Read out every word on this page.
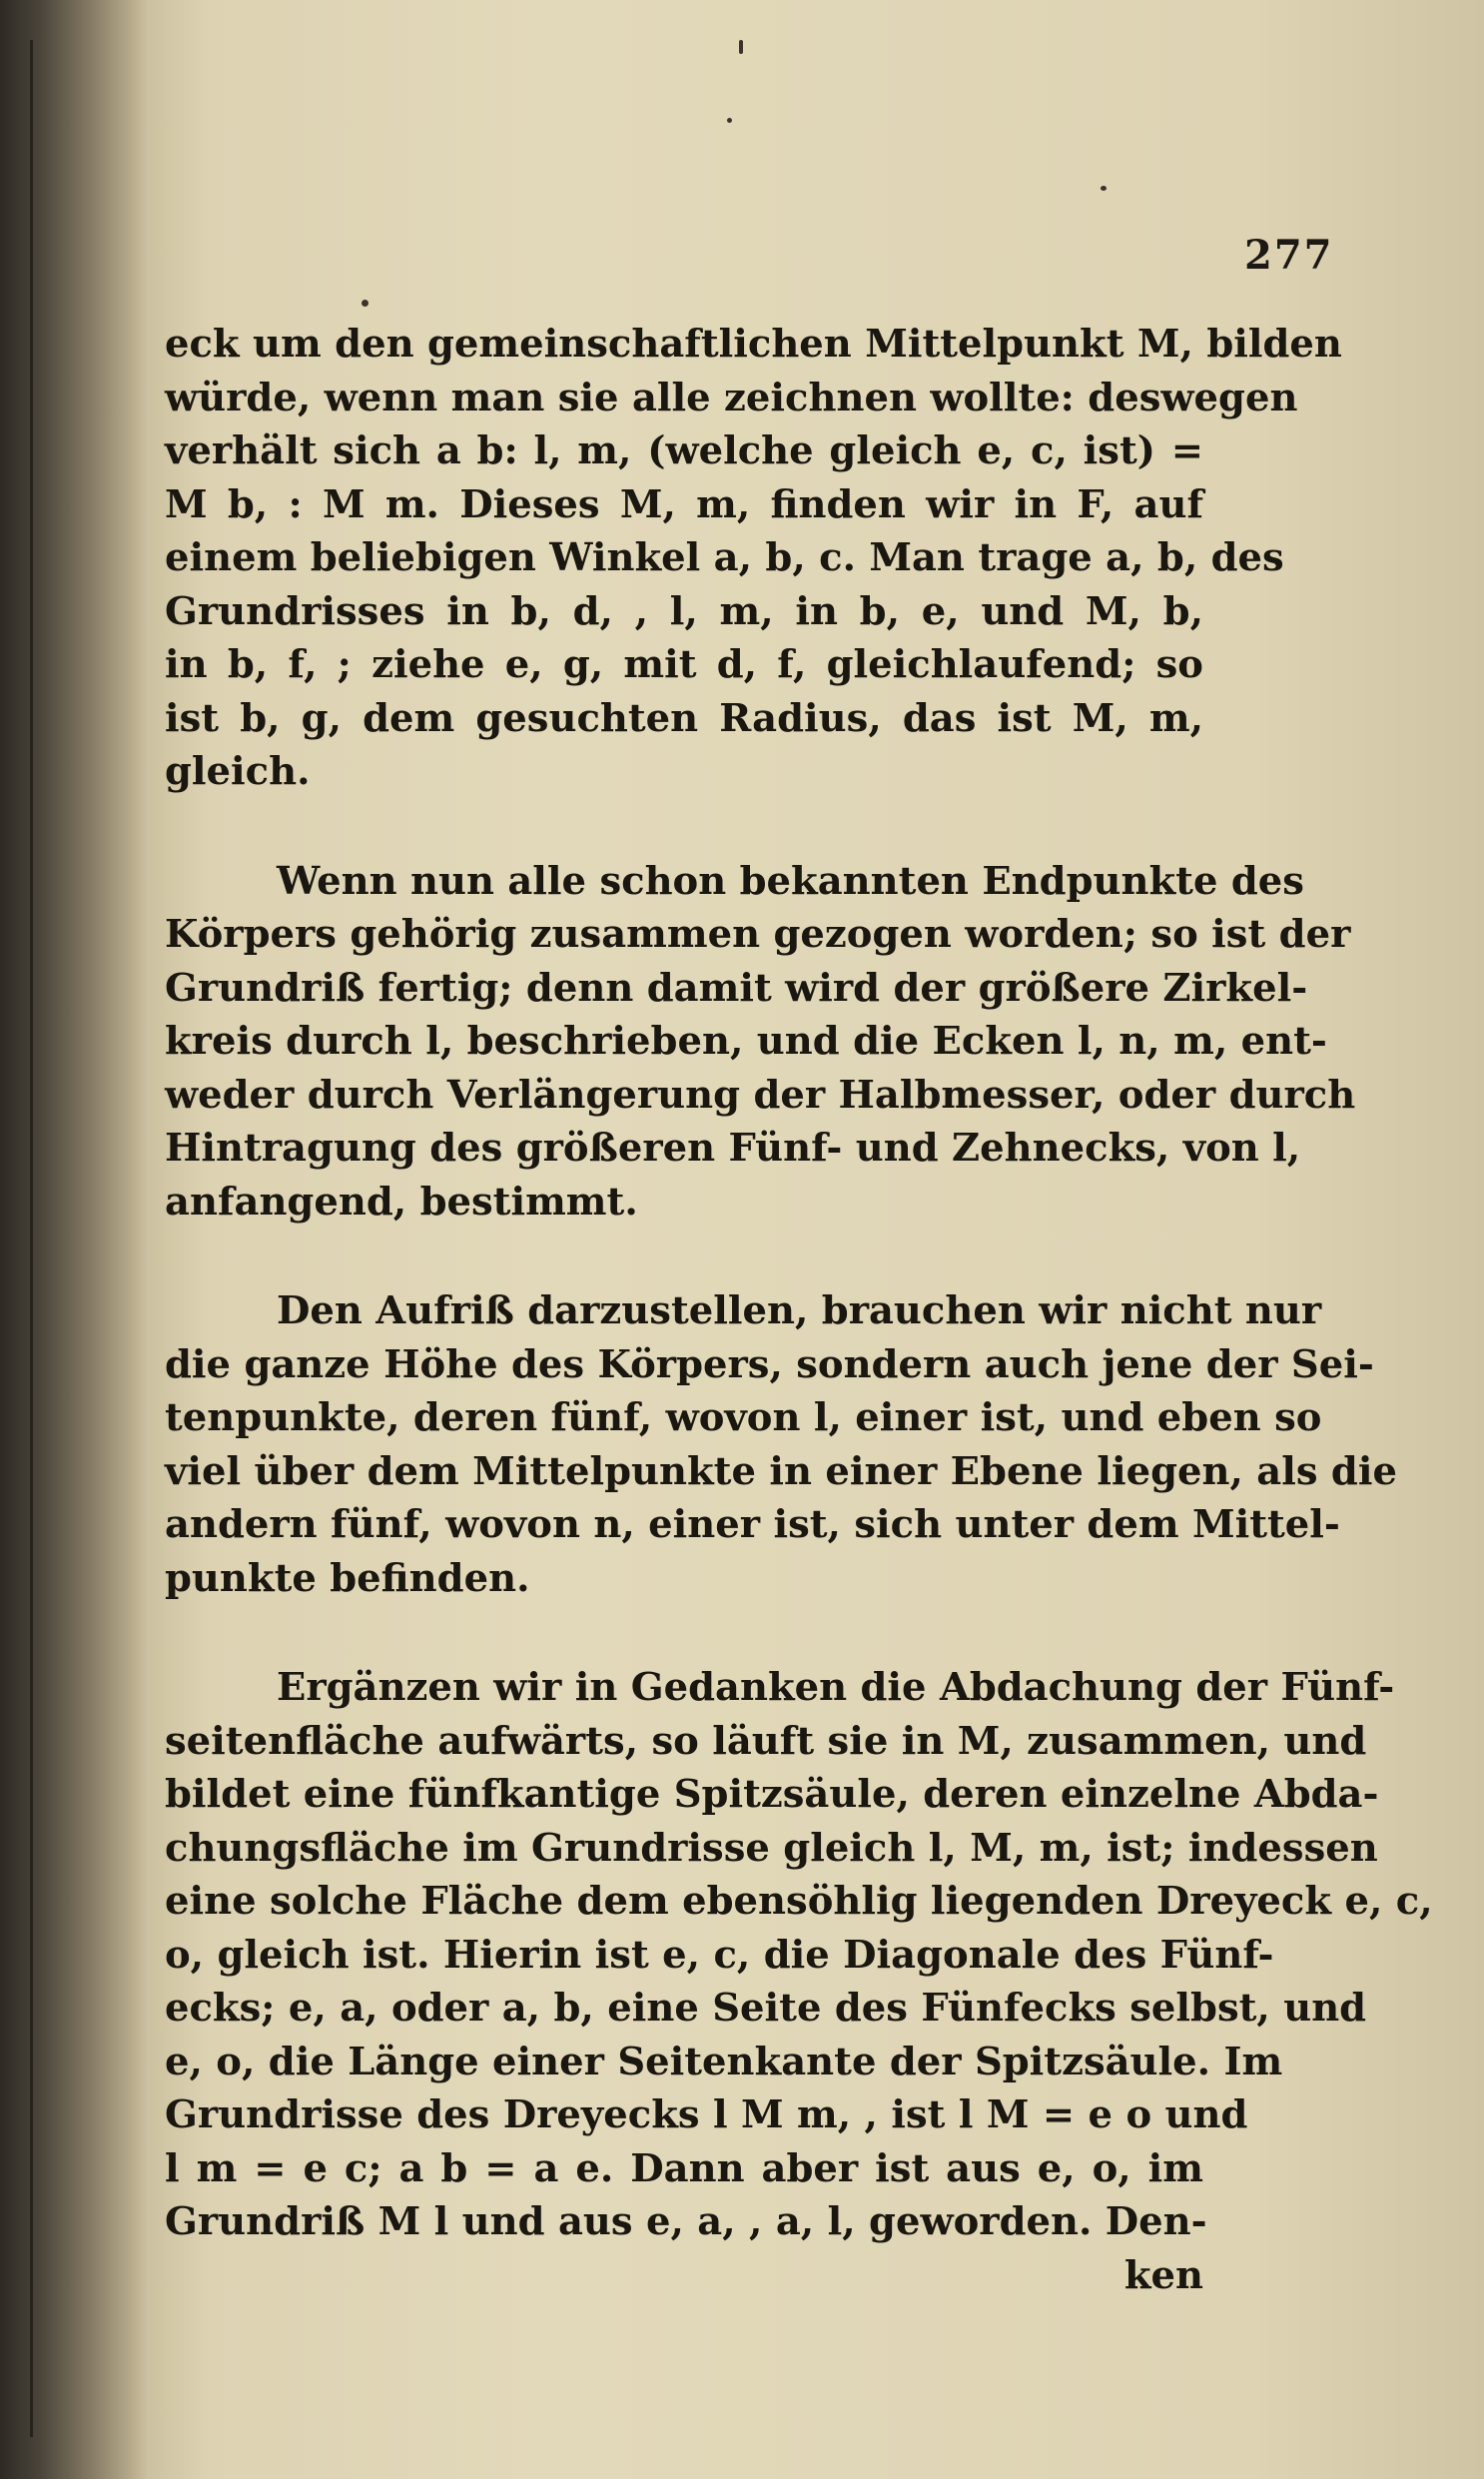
277
eck um den gemeinschaftlichen Mittelpunkt M, bilden
würde, wenn man sie alle zeichnen wollte: deswegen
verhält sich a b: l, m, (welche gleich e, c, ist) =
M b, : M m. Dieses M, m, finden wir in F, auf
einem beliebigen Winkel a, b, c. Man trage a, b, des
Grundrisses in b, d, , l, m, in b, e, und M, b,
in b, f, ; ziehe e, g, mit d, f, gleichlaufend; so
ist b, g, dem gesuchten Radius, das ist M, m,
gleich.
Wenn nun alle schon bekannten Endpunkte des
Körpers gehörig zusammen gezogen worden; so ist der
Grundriß fertig; denn damit wird der größere Zirkel-
kreis durch l, beschrieben, und die Ecken l, n, m, ent-
weder durch Verlängerung der Halbmesser, oder durch
Hintragung des größeren Fünf- und Zehnecks, von l,
anfangend, bestimmt.
Den Aufriß darzustellen, brauchen wir nicht nur
die ganze Höhe des Körpers, sondern auch jene der Sei-
tenpunkte, deren fünf, wovon l, einer ist, und eben so
viel über dem Mittelpunkte in einer Ebene liegen, als die
andern fünf, wovon n, einer ist, sich unter dem Mittel-
punkte befinden.
Ergänzen wir in Gedanken die Abdachung der Fünf-
seitenfläche aufwärts, so läuft sie in M, zusammen, und
bildet eine fünfkantige Spitzsäule, deren einzelne Abda-
chungsfläche im Grundrisse gleich l, M, m, ist; indessen
eine solche Fläche dem ebensöhlig liegenden Dreyeck e, c,
o, gleich ist. Hierin ist e, c, die Diagonale des Fünf-
ecks; e, a, oder a, b, eine Seite des Fünfecks selbst, und
e, o, die Länge einer Seitenkante der Spitzsäule. Im
Grundrisse des Dreyecks l M m, , ist l M = e o und
l m = e c; a b = a e. Dann aber ist aus e, o, im
Grundriß M l und aus e, a, , a, l, geworden. Den-
ken
